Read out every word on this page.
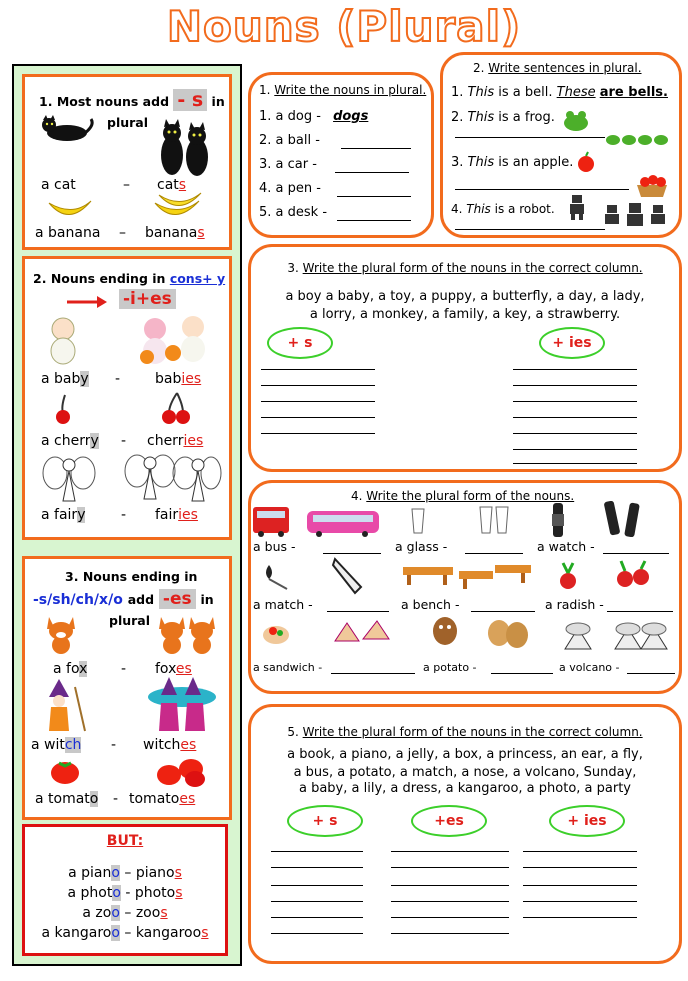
Nouns (Plural)
1. Most nouns add - s in
plural
a cat	– cats
a banana – bananas
2. Nouns ending in cons+ y
-i+es
a baby - babies
a cherry - cherries
a fairy	- fairies
3. Nouns ending in
-s/sh/ch/x/o add -es in
plural
a fox - foxes
a witch - witches
a tomato - tomatoes
BUT:
a piano – pianos
a photo - photos
a zoo – zoos
a kangaroo – kangaroos
1. Write the nouns in plural.
1. a dog - dogs
2. a ball -
3. a car -
4. a pen -
5. a desk -
2. Write sentences in plural.
1. This is a bell. These are bells.
2. This is a frog.
3. This is an apple.
4. This is a robot.
3. Write the plural form of the nouns in the correct column.
a boy a baby, a toy, a puppy, a butterfly, a day, a lady,
a lorry, a monkey, a family, a key, a strawberry.
+ s	+ ies
4. Write the plural form of the nouns.
a bus -	a glass -	a watch -
a match -	a bench -	a radish -
a sandwich -	a potato -	a volcano -
5. Write the plural form of the nouns in the correct column.
a book, a piano, a jelly, a box, a princess, an ear, a fly,
a bus, a potato, a match, a nose, a volcano, Sunday,
a baby, a lily, a dress, a kangaroo, a photo, a party
+ s	+es	+ ies
